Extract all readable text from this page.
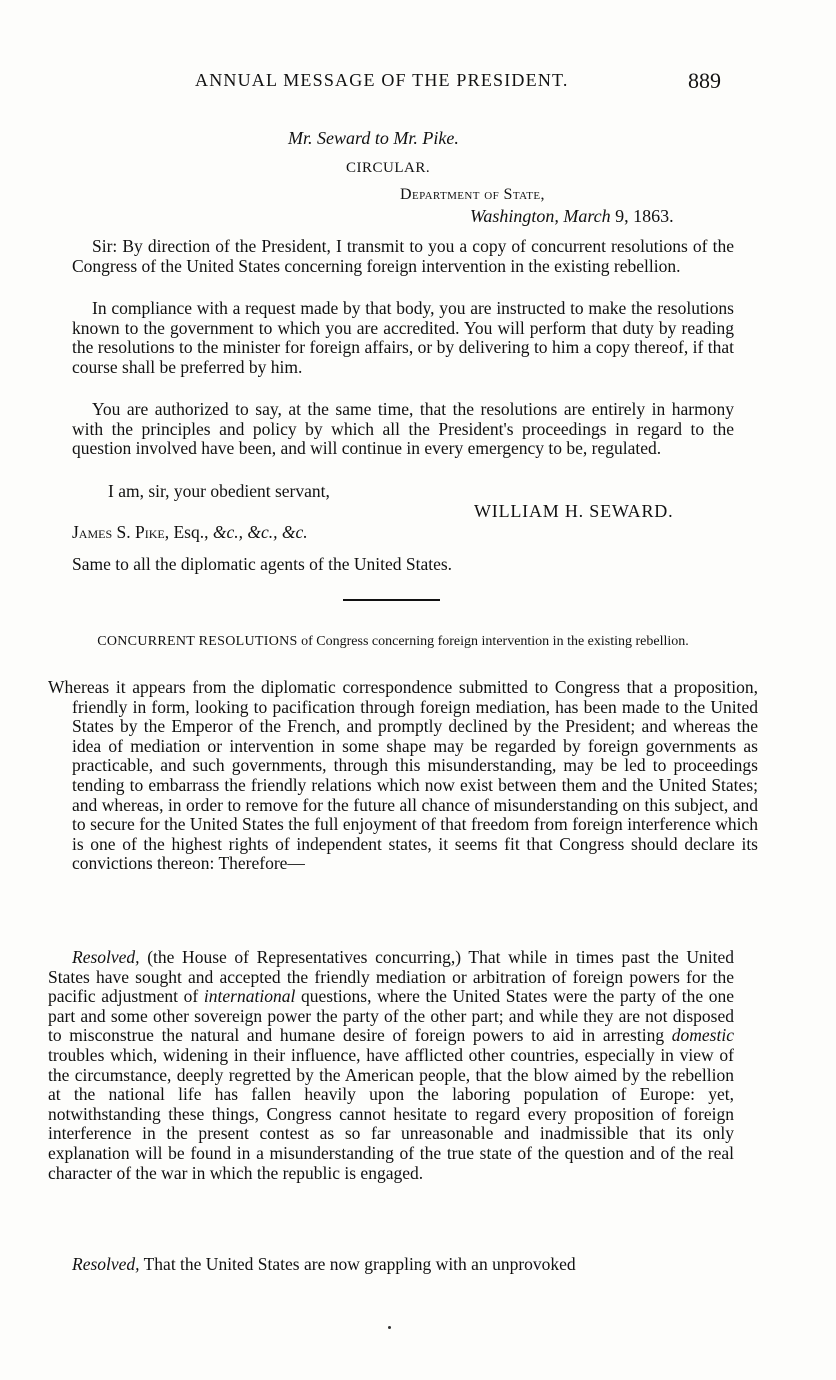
ANNUAL MESSAGE OF THE PRESIDENT.	889
Mr. Seward to Mr. Pike.
CIRCULAR.
Department of State,
Washington, March 9, 1863.
Sir: By direction of the President, I transmit to you a copy of concurrent resolutions of the Congress of the United States concerning foreign intervention in the existing rebellion.
In compliance with a request made by that body, you are instructed to make the resolutions known to the government to which you are accredited. You will perform that duty by reading the resolutions to the minister for foreign affairs, or by delivering to him a copy thereof, if that course shall be preferred by him.
You are authorized to say, at the same time, that the resolutions are entirely in harmony with the principles and policy by which all the President's proceedings in regard to the question involved have been, and will continue in every emergency to be, regulated.
I am, sir, your obedient servant,
WILLIAM H. SEWARD.
James S. Pike, Esq., &c., &c., &c.
Same to all the diplomatic agents of the United States.
CONCURRENT RESOLUTIONS of Congress concerning foreign intervention in the existing rebellion.
Whereas it appears from the diplomatic correspondence submitted to Congress that a proposition, friendly in form, looking to pacification through foreign mediation, has been made to the United States by the Emperor of the French, and promptly declined by the President; and whereas the idea of mediation or intervention in some shape may be regarded by foreign governments as practicable, and such governments, through this misunderstanding, may be led to proceedings tending to embarrass the friendly relations which now exist between them and the United States; and whereas, in order to remove for the future all chance of misunderstanding on this subject, and to secure for the United States the full enjoyment of that freedom from foreign interference which is one of the highest rights of independent states, it seems fit that Congress should declare its convictions thereon: Therefore—
Resolved, (the House of Representatives concurring,) That while in times past the United States have sought and accepted the friendly mediation or arbitration of foreign powers for the pacific adjustment of international questions, where the United States were the party of the one part and some other sovereign power the party of the other part; and while they are not disposed to misconstrue the natural and humane desire of foreign powers to aid in arresting domestic troubles which, widening in their influence, have afflicted other countries, especially in view of the circumstance, deeply regretted by the American people, that the blow aimed by the rebellion at the national life has fallen heavily upon the laboring population of Europe: yet, notwithstanding these things, Congress cannot hesitate to regard every proposition of foreign interference in the present contest as so far unreasonable and inadmissible that its only explanation will be found in a misunderstanding of the true state of the question and of the real character of the war in which the republic is engaged.
Resolved, That the United States are now grappling with an unprovoked
